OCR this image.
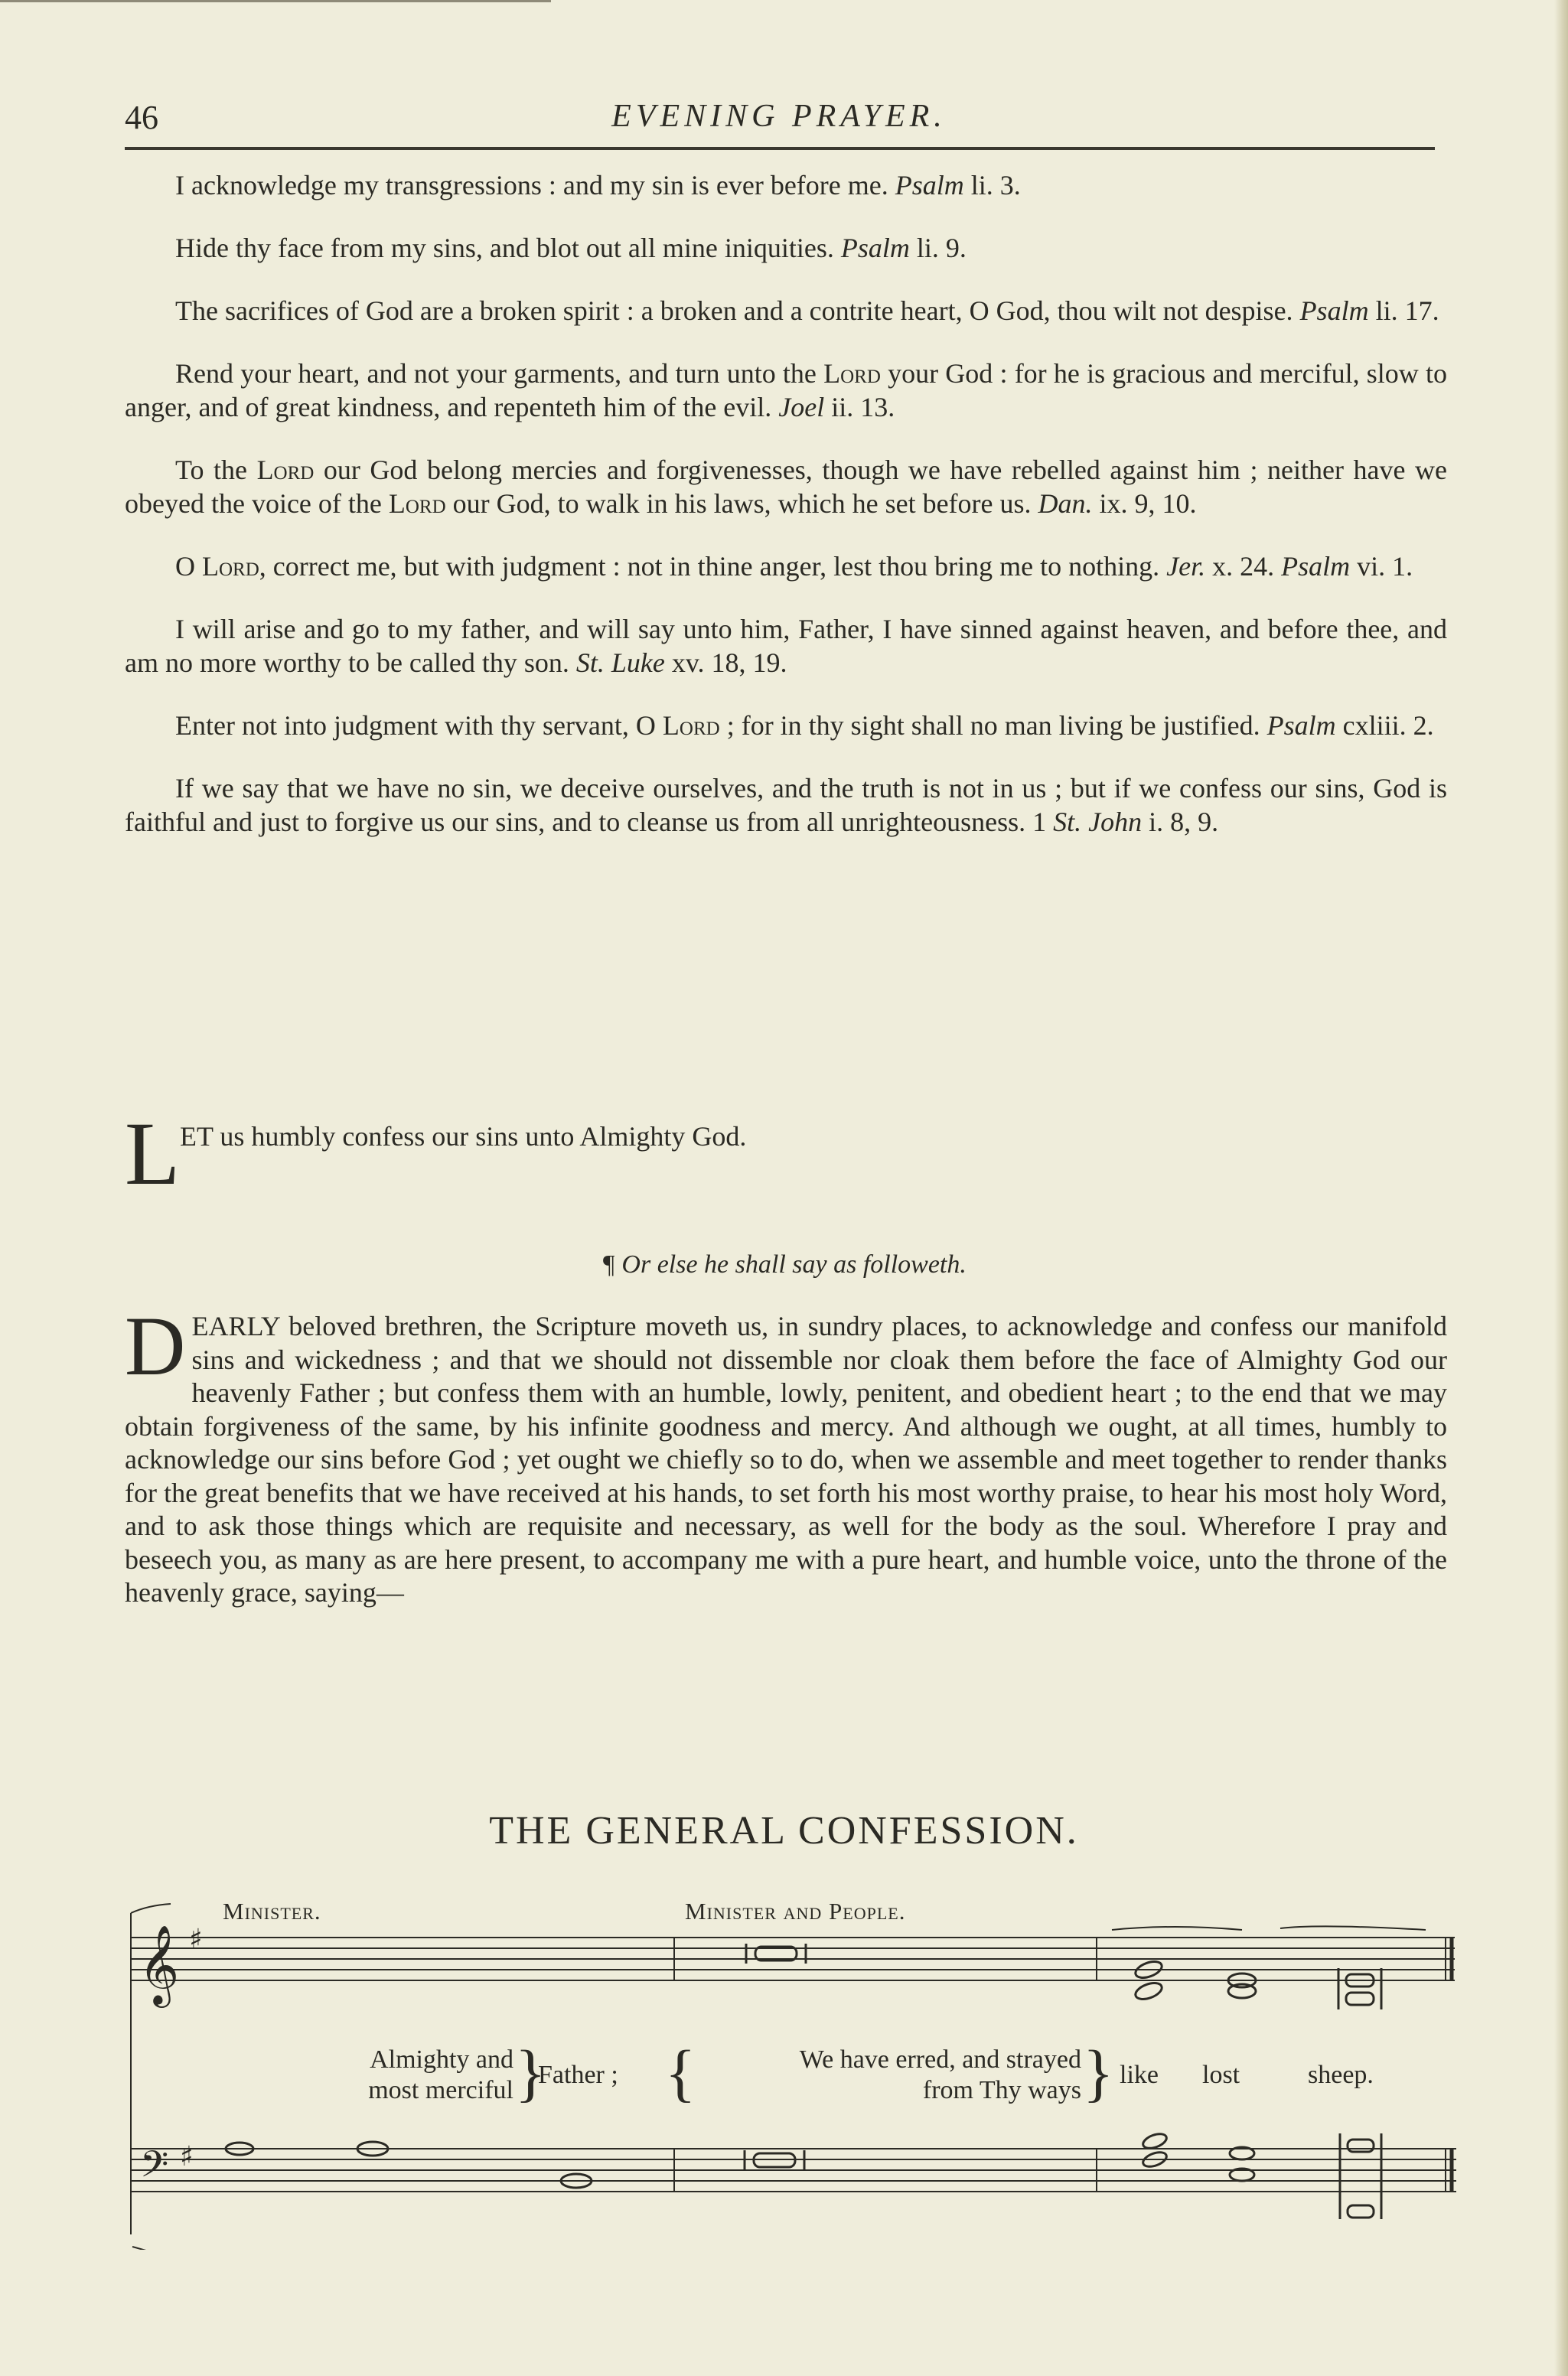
46	EVENING PRAYER.

I acknowledge my transgressions : and my sin is ever before me. Psalm li. 3.

Hide thy face from my sins, and blot out all mine iniquities. Psalm li. 9.

The sacrifices of God are a broken spirit : a broken and a contrite heart, O God, thou wilt not despise. Psalm li. 17.

Rend your heart, and not your garments, and turn unto the Lord your God : for he is gracious and merciful, slow to anger, and of great kindness, and repenteth him of the evil. Joel ii. 13.

To the Lord our God belong mercies and forgivenesses, though we have rebelled against him ; neither have we obeyed the voice of the Lord our God, to walk in his laws, which he set before us. Dan. ix. 9, 10.

O Lord, correct me, but with judgment : not in thine anger, lest thou bring me to nothing. Jer. x. 24. Psalm vi. 1.

I will arise and go to my father, and will say unto him, Father, I have sinned against heaven, and before thee, and am no more worthy to be called thy son. St. Luke xv. 18, 19.

Enter not into judgment with thy servant, O Lord ; for in thy sight shall no man living be justified. Psalm cxliii. 2.

If we say that we have no sin, we deceive ourselves, and the truth is not in us ; but if we confess our sins, God is faithful and just to forgive us our sins, and to cleanse us from all unrighteousness. 1 St. John i. 8, 9.

L ET us humbly confess our sins unto Almighty God.
¶ Or else he shall say as followeth.
DEARLY beloved brethren, the Scripture moveth us, in sundry places, to acknowledge and confess our manifold sins and wickedness ; and that we should not dissemble nor cloak them before the face of Almighty God our heavenly Father ; but confess them with an humble, lowly, penitent, and obedient heart ; to the end that we may obtain forgiveness of the same, by his infinite goodness and mercy. And although we ought, at all times, humbly to acknowledge our sins before God ; yet ought we chiefly so to do, when we assemble and meet together to render thanks for the great benefits that we have received at his hands, to set forth his most worthy praise, to hear his most holy Word, and to ask those things which are requisite and necessary, as well for the body as the soul. Wherefore I pray and beseech you, as many as are here present, to accompany me with a pure heart, and humble voice, unto the throne of the heavenly grace, saying—
THE GENERAL CONFESSION.
𝄞
𝄢
♯
♯
Minister.	Minister and People.
Almighty and
most merciful }
Father ; {	We have erred, and strayed
from Thy ways } like lost	sheep.
